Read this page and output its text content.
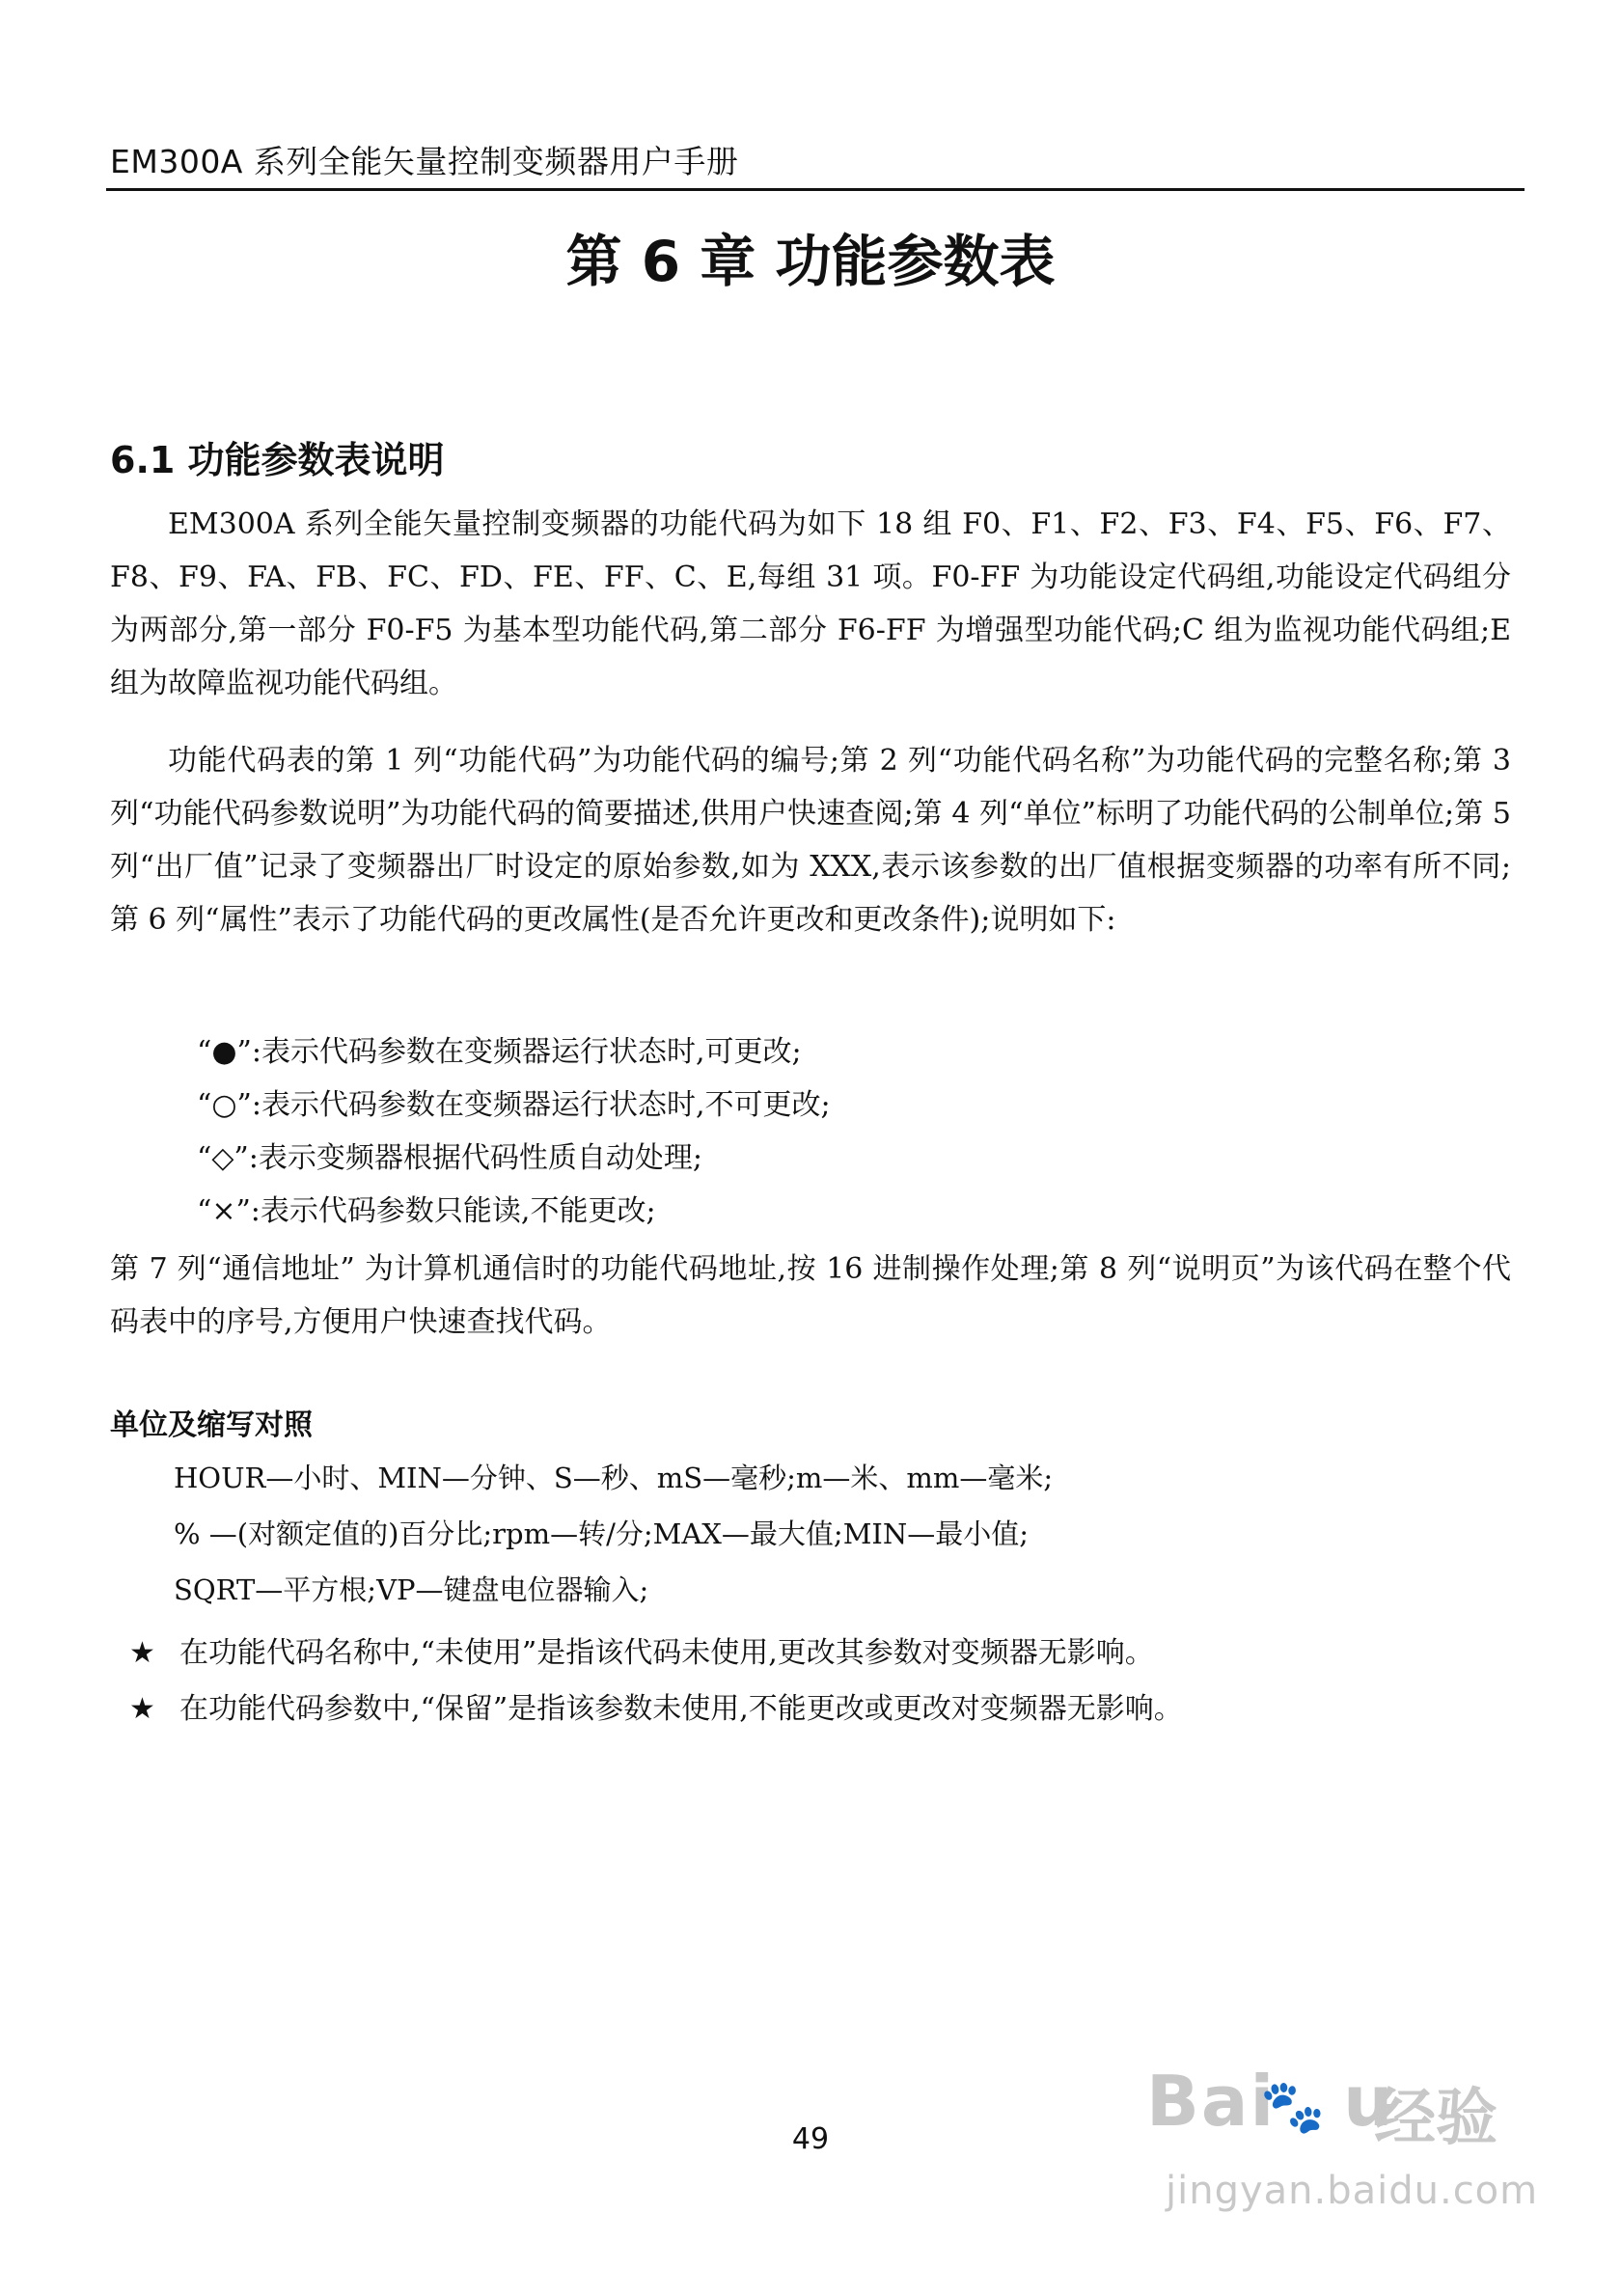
EM300A 系列全能矢量控制变频器用户手册
第 6 章 功能参数表
6.1 功能参数表说明
EM300A 系列全能矢量控制变频器的功能代码为如下 18 组 F0、F1、F2、F3、F4、F5、F6、F7、F8、F9、FA、FB、FC、FD、FE、FF、C、E,每组 31 项。F0-FF 为功能设定代码组,功能设定代码组分为两部分,第一部分 F0-F5 为基本型功能代码,第二部分 F6-FF 为增强型功能代码;C 组为监视功能代码组;E 组为故障监视功能代码组。
功能代码表的第 1 列“功能代码”为功能代码的编号;第 2 列“功能代码名称”为功能代码的完整名称;第 3 列“功能代码参数说明”为功能代码的简要描述,供用户快速查阅;第 4 列“单位”标明了功能代码的公制单位;第 5 列“出厂值”记录了变频器出厂时设定的原始参数,如为 XXX,表示该参数的出厂值根据变频器的功率有所不同;第 6 列“属性”表示了功能代码的更改属性(是否允许更改和更改条件);说明如下:
“●”:表示代码参数在变频器运行状态时,可更改;
“○”:表示代码参数在变频器运行状态时,不可更改;
“◇”:表示变频器根据代码性质自动处理;
“×”:表示代码参数只能读,不能更改;
第 7 列“通信地址” 为计算机通信时的功能代码地址,按 16 进制操作处理;第 8 列“说明页”为该代码在整个代码表中的序号,方便用户快速查找代码。
单位及缩写对照
HOUR—小时、MIN—分钟、S—秒、mS—毫秒;m—米、mm—毫米;
% —(对额定值的)百分比;rpm—转/分;MAX—最大值;MIN—最小值;
SQRT—平方根;VP—键盘电位器输入;
★ 在功能代码名称中,“未使用”是指该代码未使用,更改其参数对变频器无影响。
★ 在功能代码参数中,“保留”是指该参数未使用,不能更改或更改对变频器无影响。
49	Bai u
🐾 经验
jingyan.baidu.com
